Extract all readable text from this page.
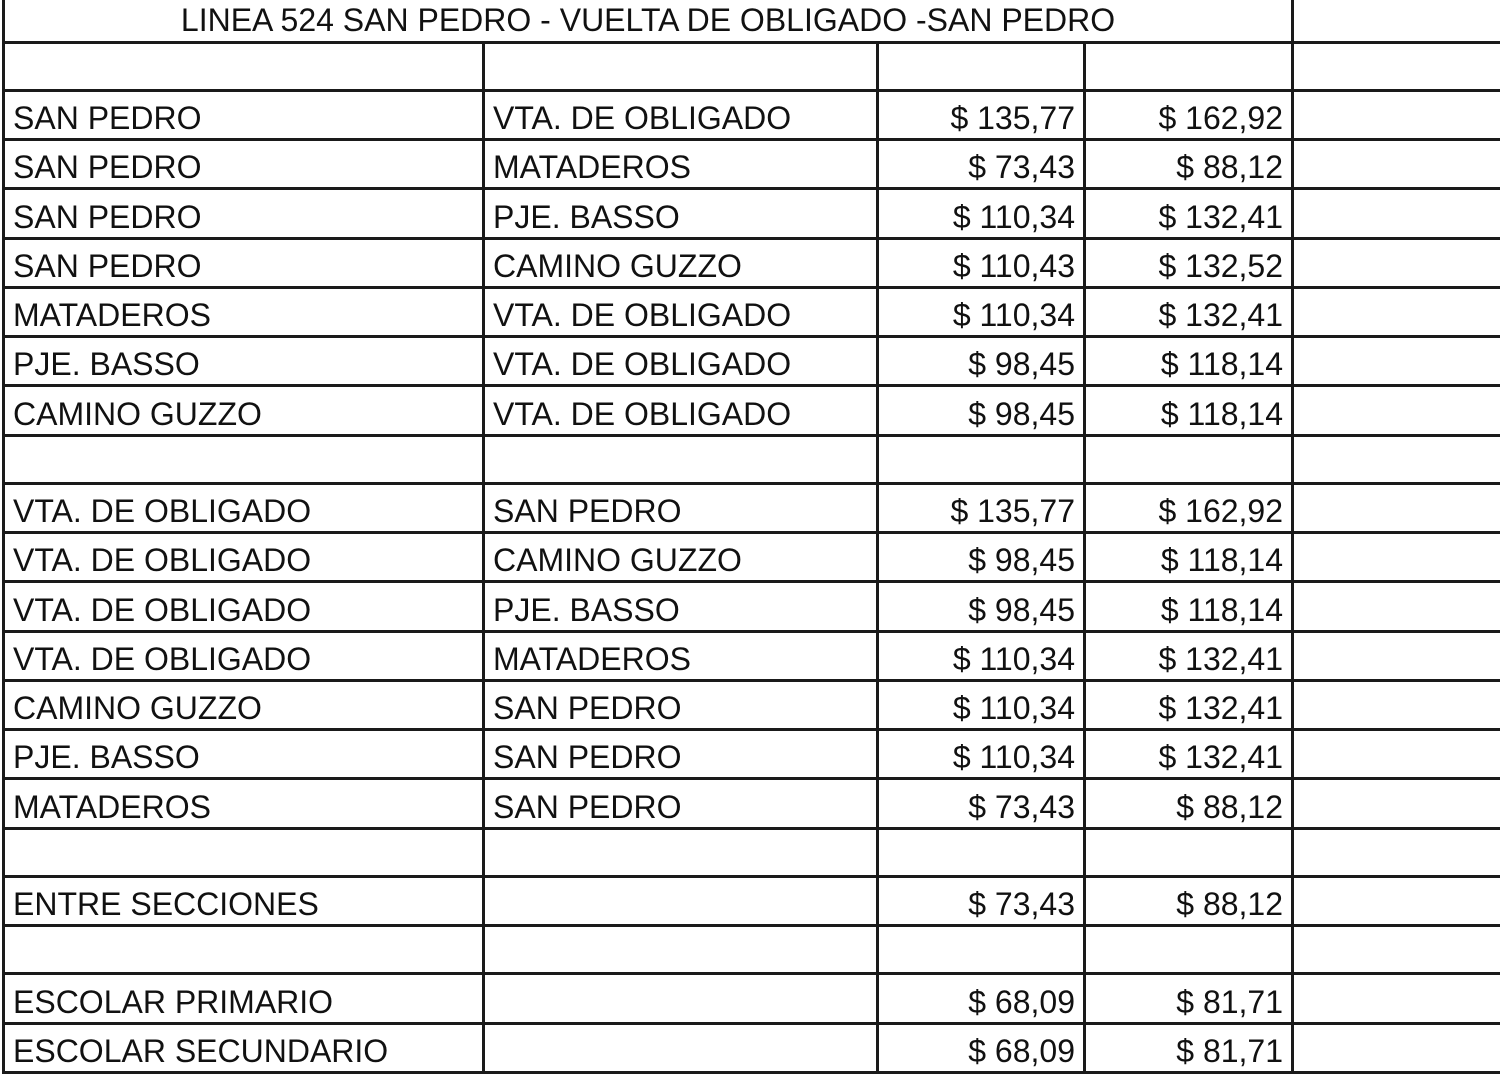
LINEA 524 SAN PEDRO - VUELTA DE OBLIGADO -SAN PEDRO				

SAN PEDRO	VTA. DE OBLIGADO	$ 135,77	$ 162,92	
SAN PEDRO	MATADEROS	$ 73,43	$ 88,12	
SAN PEDRO	PJE. BASSO	$ 110,34	$ 132,41	
SAN PEDRO	CAMINO GUZZO	$ 110,43	$ 132,52	
MATADEROS	VTA. DE OBLIGADO	$ 110,34	$ 132,41	
PJE. BASSO	VTA. DE OBLIGADO	$ 98,45	$ 118,14	
CAMINO GUZZO	VTA. DE OBLIGADO	$ 98,45	$ 118,14	

VTA. DE OBLIGADO	SAN PEDRO	$ 135,77	$ 162,92	
VTA. DE OBLIGADO	CAMINO GUZZO	$ 98,45	$ 118,14	
VTA. DE OBLIGADO	PJE. BASSO	$ 98,45	$ 118,14	
VTA. DE OBLIGADO	MATADEROS	$ 110,34	$ 132,41	
CAMINO GUZZO	SAN PEDRO	$ 110,34	$ 132,41	
PJE. BASSO	SAN PEDRO	$ 110,34	$ 132,41	
MATADEROS	SAN PEDRO	$ 73,43	$ 88,12	

ENTRE SECCIONES		$ 73,43	$ 88,12	

ESCOLAR PRIMARIO		$ 68,09	$ 81,71	
ESCOLAR SECUNDARIO		$ 68,09	$ 81,71	
